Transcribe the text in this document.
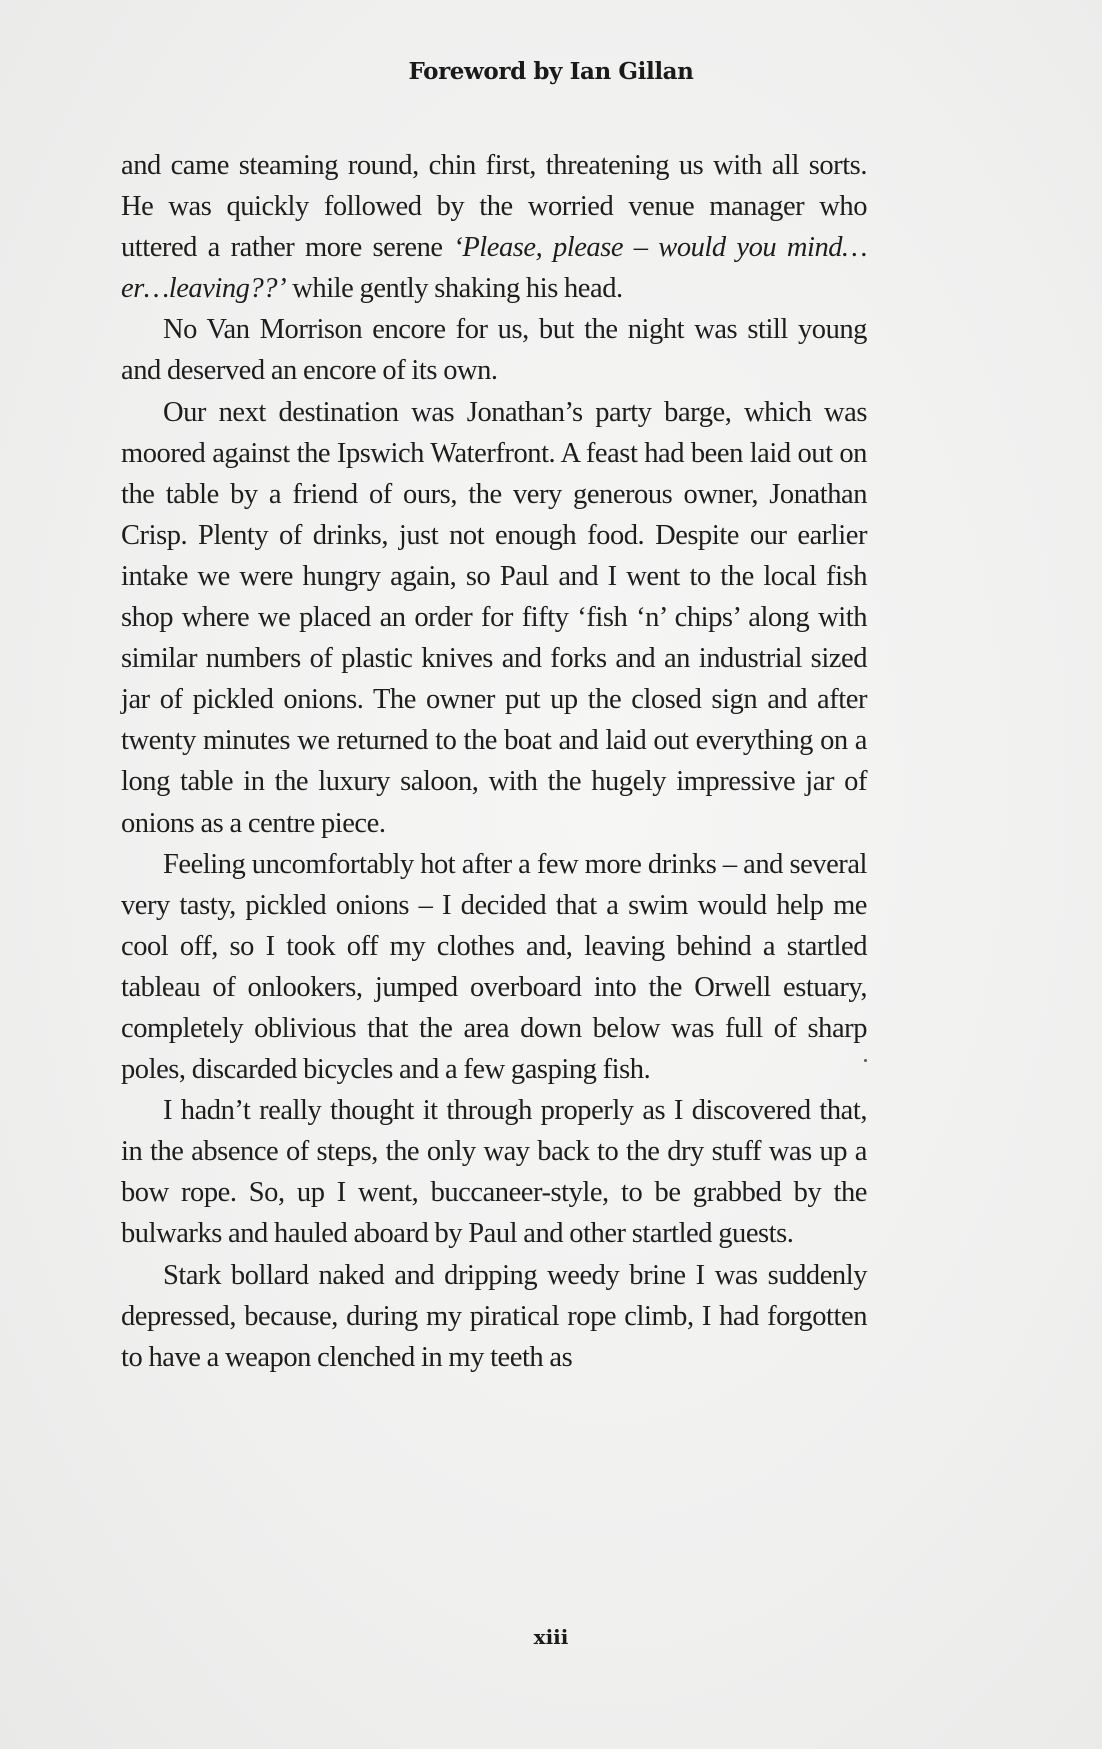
Foreword by Ian Gillan

and came steaming round, chin first, threatening us with all sorts. He was quickly followed by the worried venue manager who uttered a rather more serene ‘Please, please – would you mind…er…leaving??’ while gently shaking his head.

No Van Morrison encore for us, but the night was still young and deserved an encore of its own.

Our next destination was Jonathan’s party barge, which was moored against the Ipswich Waterfront. A feast had been laid out on the table by a friend of ours, the very generous owner, Jonathan Crisp. Plenty of drinks, just not enough food. Despite our earlier intake we were hungry again, so Paul and I went to the local fish shop where we placed an order for fifty ‘fish ‘n’ chips’ along with similar numbers of plastic knives and forks and an industrial sized jar of pickled onions. The owner put up the closed sign and after twenty minutes we returned to the boat and laid out everything on a long table in the luxury saloon, with the hugely impressive jar of onions as a centre piece.

Feeling uncomfortably hot after a few more drinks – and several very tasty, pickled onions – I decided that a swim would help me cool off, so I took off my clothes and, leaving behind a startled tableau of onlookers, jumped overboard into the Orwell estuary, completely oblivious that the area down below was full of sharp poles, discarded bicycles and a few gasping fish.

I hadn’t really thought it through properly as I discovered that, in the absence of steps, the only way back to the dry stuff was up a bow rope. So, up I went, buccaneer-style, to be grabbed by the bulwarks and hauled aboard by Paul and other startled guests.

Stark bollard naked and dripping weedy brine I was suddenly depressed, because, during my piratical rope climb, I had forgotten to have a weapon clenched in my teeth as

xiii
